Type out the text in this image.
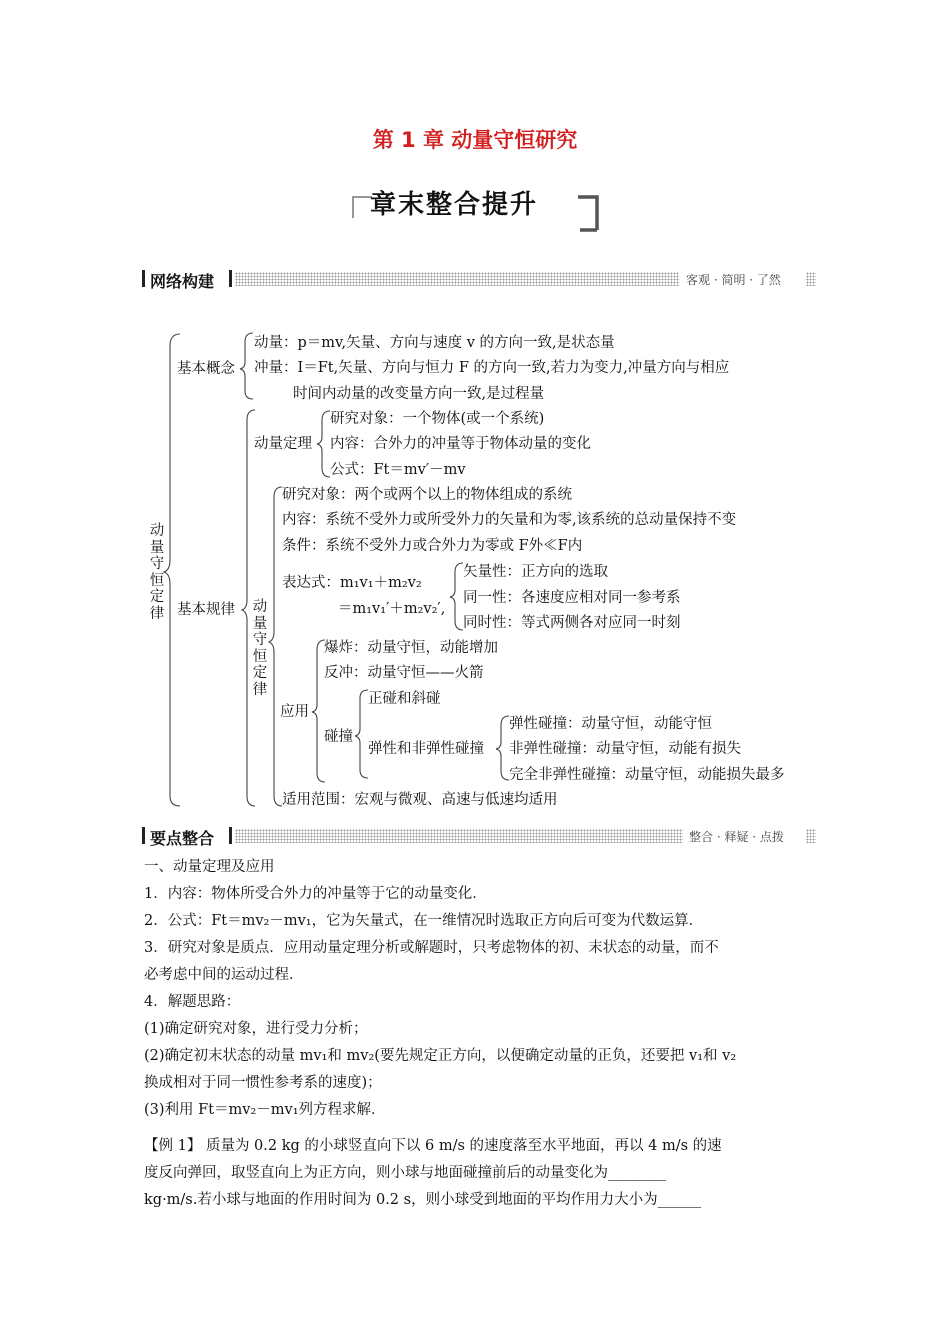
第 1 章 动量守恒研究
章末整合提升
网络构建	客观 · 简明 · 了然
动量守恒定律
基本概念
动量：p＝mv,矢量、方向与速度 v 的方向一致,是状态量
冲量：I＝Ft,矢量、方向与恒力 F 的方向一致,若力为变力,冲量方向与相应
时间内动量的改变量方向一致,是过程量
基本规律
动量定理
研究对象：一个物体(或一个系统)
内容：合外力的冲量等于物体动量的变化
公式：Ft＝mv′－mv
动量守恒定律
研究对象：两个或两个以上的物体组成的系统
内容：系统不受外力或所受外力的矢量和为零,该系统的总动量保持不变
条件：系统不受外力或合外力为零或 F外≪F内
表达式：m₁v₁＋m₂v₂
＝m₁v₁′＋m₂v₂′,
矢量性：正方向的选取
同一性：各速度应相对同一参考系
同时性：等式两侧各对应同一时刻
应用
爆炸：动量守恒，动能增加
反冲：动量守恒——火箭
碰撞
正碰和斜碰
弹性和非弹性碰撞
弹性碰撞：动量守恒，动能守恒
非弹性碰撞：动量守恒，动能有损失
完全非弹性碰撞：动量守恒，动能损失最多
适用范围：宏观与微观、高速与低速均适用
要点整合	整合 · 释疑 · 点拨
一、动量定理及应用
1．内容：物体所受合外力的冲量等于它的动量变化．
2．公式：Ft＝mv₂－mv₁，它为矢量式，在一维情况时选取正方向后可变为代数运算．
3．研究对象是质点．应用动量定理分析或解题时，只考虑物体的初、末状态的动量，而不
必考虑中间的运动过程．
4．解题思路：
(1)确定研究对象，进行受力分析；
(2)确定初末状态的动量 mv₁和 mv₂(要先规定正方向，以便确定动量的正负，还要把 v₁和 v₂
换成相对于同一惯性参考系的速度)；
(3)利用 Ft＝mv₂－mv₁列方程求解．
【例 1】 质量为 0.2 kg 的小球竖直向下以 6 m/s 的速度落至水平地面，再以 4 m/s 的速
度反向弹回，取竖直向上为正方向，则小球与地面碰撞前后的动量变化为________
kg·m/s.若小球与地面的作用时间为 0.2 s，则小球受到地面的平均作用力大小为______
